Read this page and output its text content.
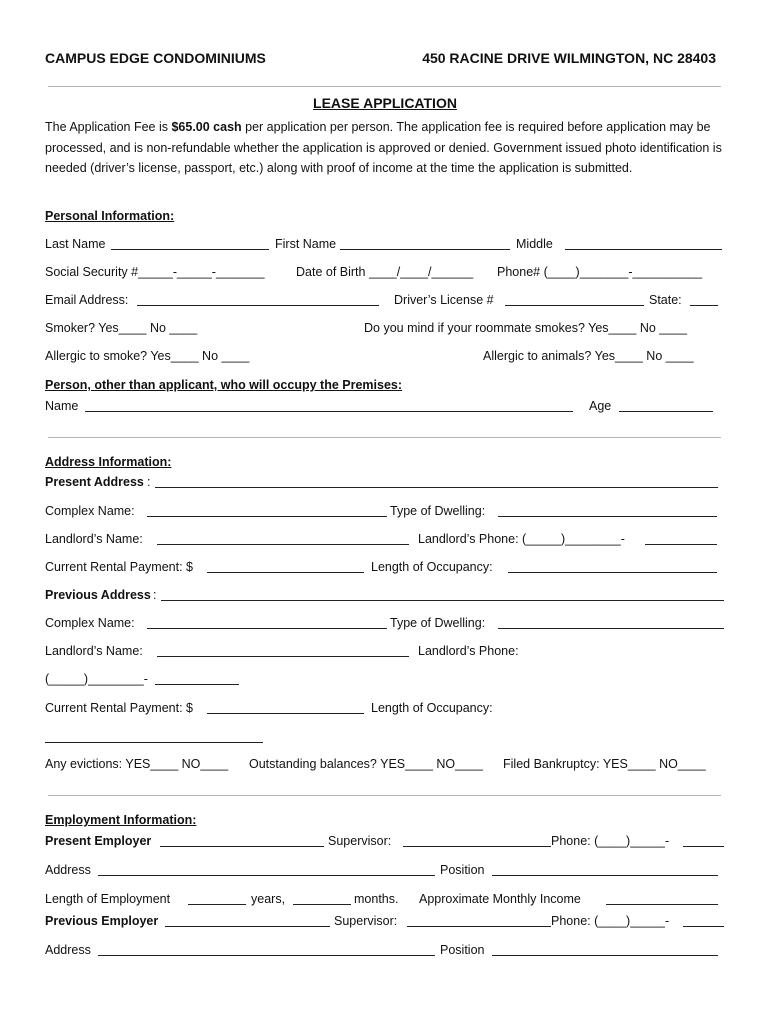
CAMPUS EDGE CONDOMINIUMS	450 RACINE DRIVE WILMINGTON, NC 28403
LEASE APPLICATION
The Application Fee is $65.00 cash per application per person. The application fee is required before application may be processed, and is non-refundable whether the application is approved or denied. Government issued photo identification is needed (driver’s license, passport, etc.) along with proof of income at the time the application is submitted.
Personal Information:
Last Name	First Name	Middle
Social Security #_____-_____-_______	Date of Birth ____/____/______ Phone# (____)_______-__________
Email Address:	Driver’s License #	State:
Smoker? Yes____ No ____	Do you mind if your roommate smokes? Yes____ No ____
Allergic to smoke? Yes____ No ____	Allergic to animals? Yes____ No ____
Person, other than applicant, who will occupy the Premises:
Name	Age
Address Information:
Present Address :
Complex Name:	Type of Dwelling:
Landlord’s Name:	Landlord’s Phone: (_____)________-
Current Rental Payment: $	Length of Occupancy:
Previous Address :
Complex Name:	Type of Dwelling:
Landlord’s Name:	Landlord’s Phone:
(_____)________-
Current Rental Payment: $	Length of Occupancy:
Any evictions: YES____ NO____ Outstanding balances? YES____ NO____ Filed Bankruptcy: YES____ NO____
Employment Information:
Present Employer	Supervisor:	Phone: (____)_____-
Address	Position
Length of Employment	years,	months. Approximate Monthly Income
Previous Employer	Supervisor:	Phone: (____)_____-
Address	Position
